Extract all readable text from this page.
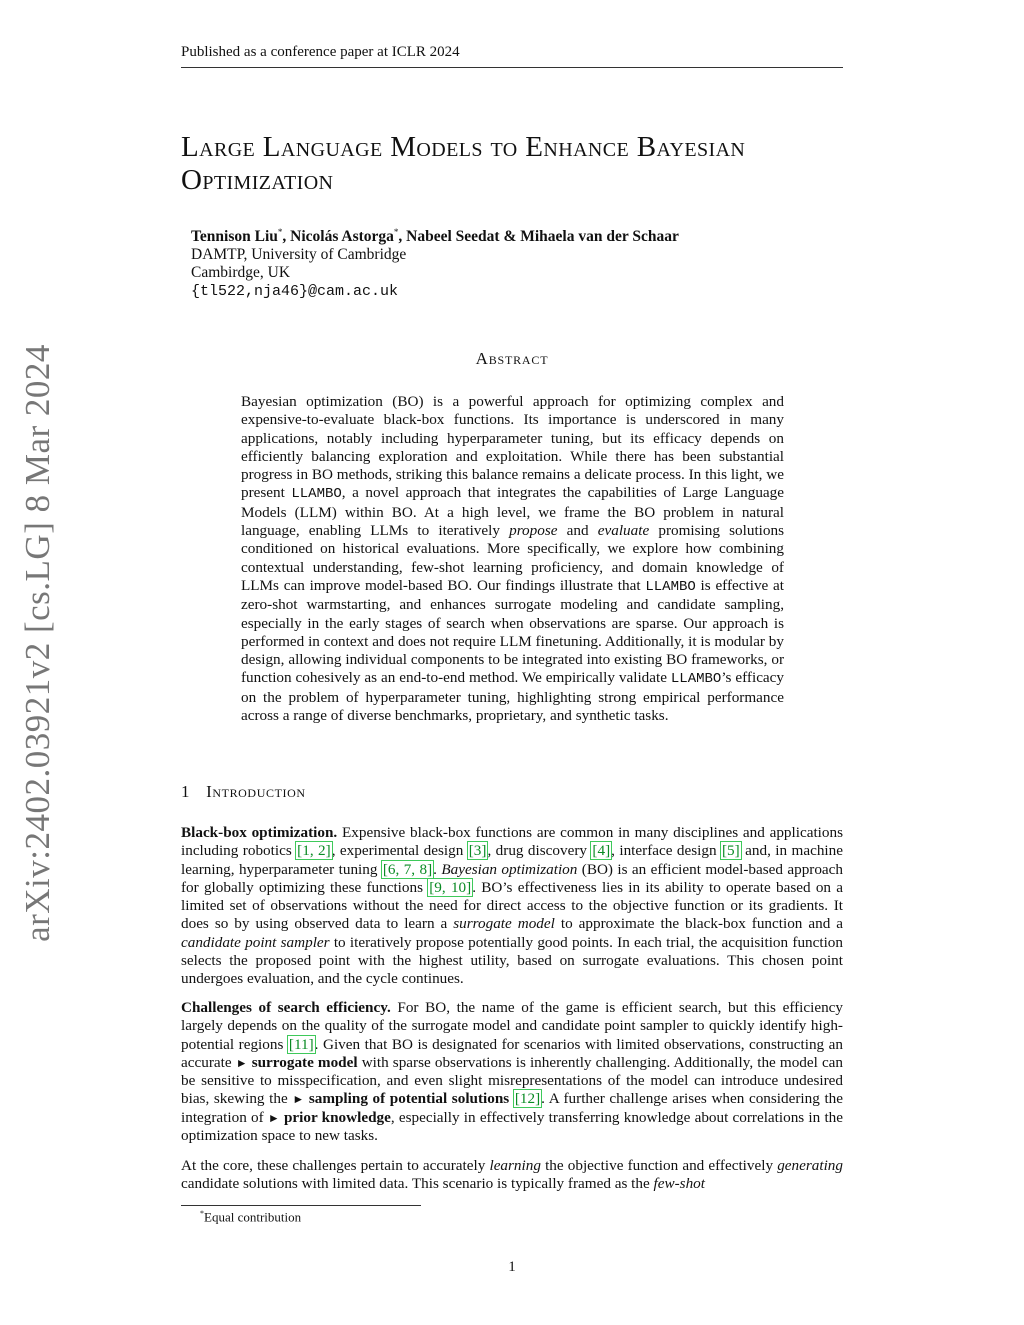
Published as a conference paper at ICLR 2024
Large Language Models to Enhance Bayesian
Optimization
Tennison Liu*, Nicolás Astorga*, Nabeel Seedat & Mihaela van der Schaar
DAMTP, University of Cambridge
Cambirdge, UK
{tl522,nja46}@cam.ac.uk
arXiv:2402.03921v2 [cs.LG] 8 Mar 2024	Abstract
Bayesian optimization (BO) is a powerful approach for optimizing complex and expensive-to-evaluate black-box functions. Its importance is underscored in many applications, notably including hyperparameter tuning, but its efficacy depends on efficiently balancing exploration and exploitation. While there has been substantial progress in BO methods, striking this balance remains a delicate process. In this light, we present LLAMBO, a novel approach that integrates the capabilities of Large Language Models (LLM) within BO. At a high level, we frame the BO problem in natural language, enabling LLMs to iteratively propose and evaluate promising solutions conditioned on historical evaluations. More specifically, we explore how combining contextual understanding, few-shot learning proficiency, and domain knowledge of LLMs can improve model-based BO. Our findings illustrate that LLAMBO is effective at zero-shot warmstarting, and enhances surrogate modeling and candidate sampling, especially in the early stages of search when observations are sparse. Our approach is performed in context and does not require LLM finetuning. Additionally, it is modular by design, allowing individual components to be integrated into existing BO frameworks, or function cohesively as an end-to-end method. We empirically validate LLAMBO’s efficacy on the problem of hyperparameter tuning, highlighting strong empirical performance across a range of diverse benchmarks, proprietary, and synthetic tasks.
1 Introduction
Black-box optimization. Expensive black-box functions are common in many disciplines and applications including robotics [1, 2], experimental design [3], drug discovery [4], interface design [5] and, in machine learning, hyperparameter tuning [6, 7, 8]. Bayesian optimization (BO) is an efficient model-based approach for globally optimizing these functions [9, 10]. BO’s effectiveness lies in its ability to operate based on a limited set of observations without the need for direct access to the objective function or its gradients. It does so by using observed data to learn a surrogate model to approximate the black-box function and a candidate point sampler to iteratively propose potentially good points. In each trial, the acquisition function selects the proposed point with the highest utility, based on surrogate evaluations. This chosen point undergoes evaluation, and the cycle continues.
Challenges of search efficiency. For BO, the name of the game is efficient search, but this efficiency largely depends on the quality of the surrogate model and candidate point sampler to quickly identify high-potential regions [11]. Given that BO is designated for scenarios with limited observations, constructing an accurate ► surrogate model with sparse observations is inherently challenging. Additionally, the model can be sensitive to misspecification, and even slight misrepresentations of the model can introduce undesired bias, skewing the ► sampling of potential solutions [12]. A further challenge arises when considering the integration of ► prior knowledge, especially in effectively transferring knowledge about correlations in the optimization space to new tasks.
At the core, these challenges pertain to accurately learning the objective function and effectively generating candidate solutions with limited data. This scenario is typically framed as the few-shot
*Equal contribution
1
